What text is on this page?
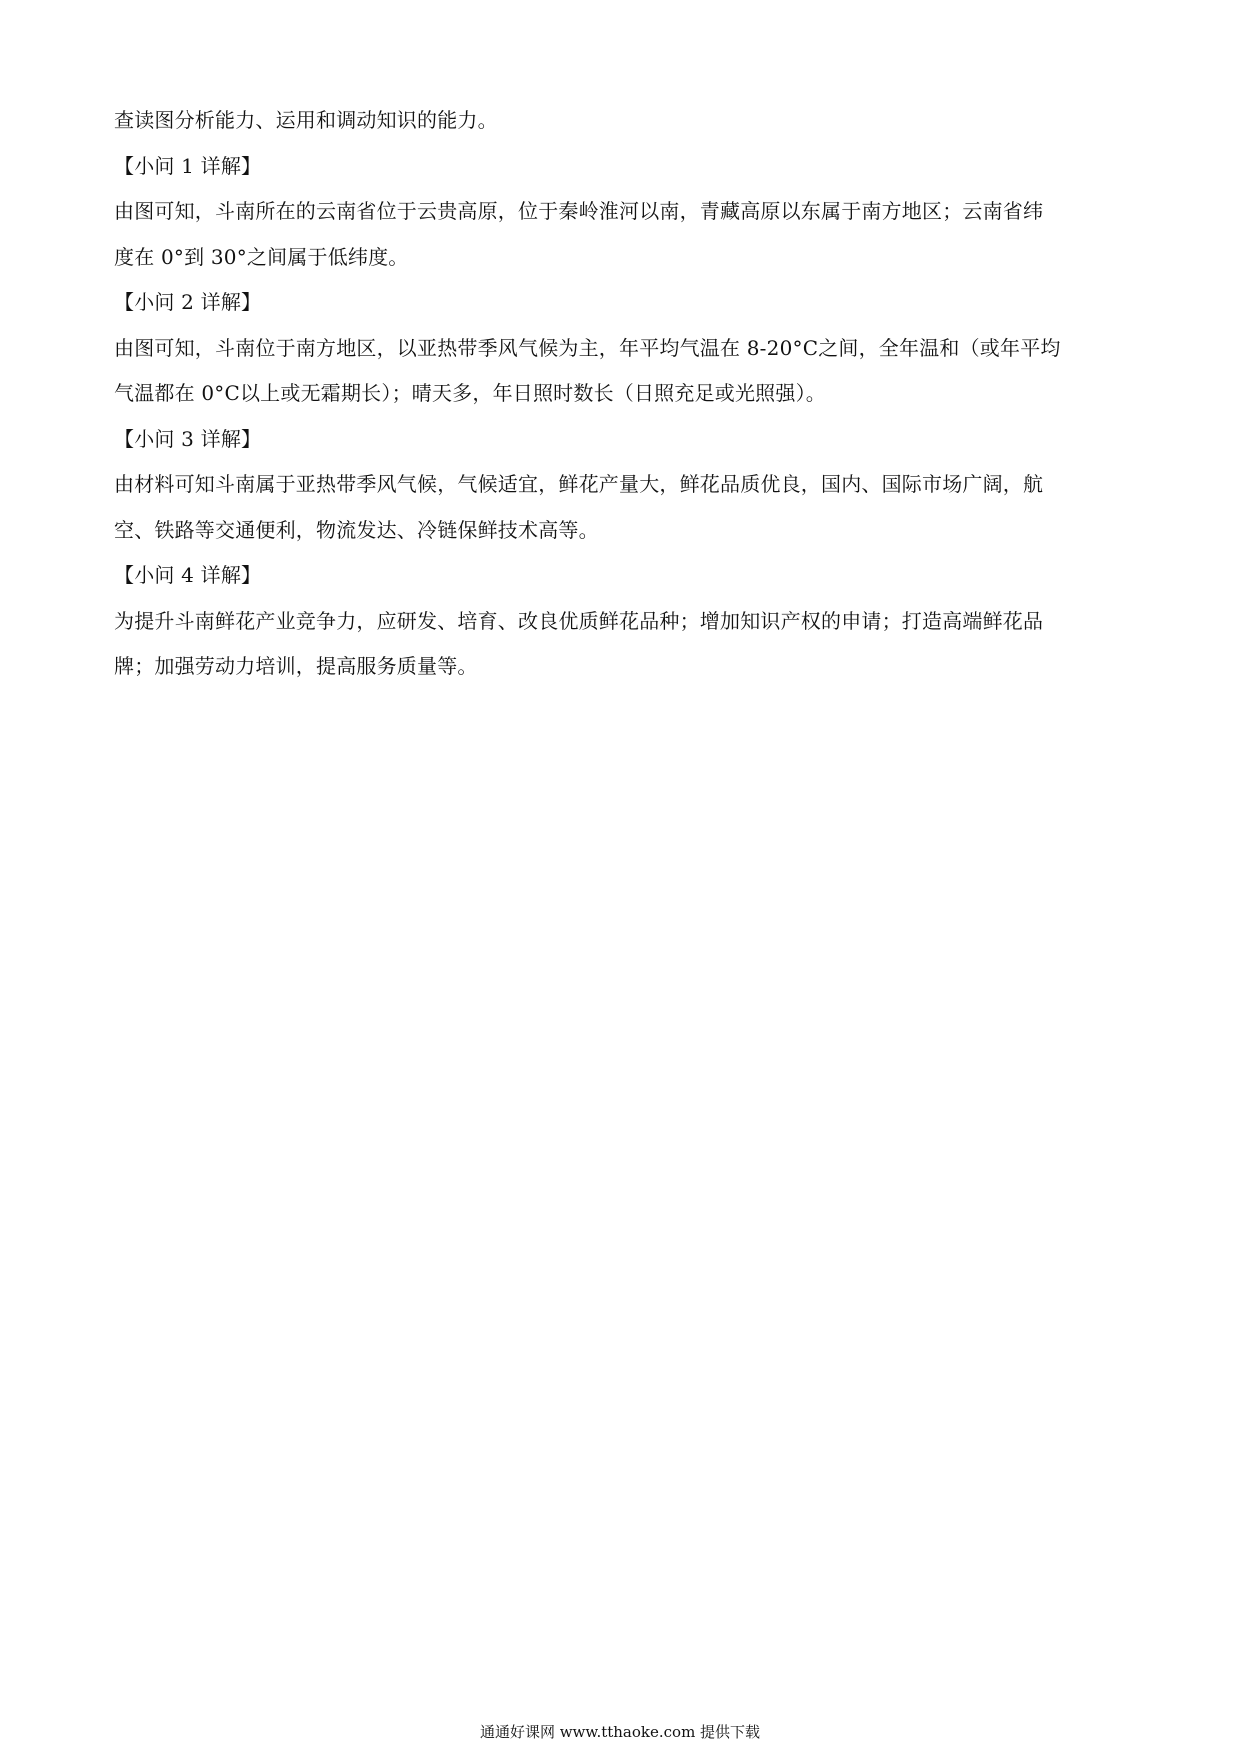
查读图分析能力、运用和调动知识的能力。
【小问 1 详解】
由图可知，斗南所在的云南省位于云贵高原，位于秦岭淮河以南，青藏高原以东属于南方地区；云南省纬
度在 0°到 30°之间属于低纬度。
【小问 2 详解】
由图可知，斗南位于南方地区，以亚热带季风气候为主，年平均气温在 8-20°C之间，全年温和（或年平均
气温都在 0°C以上或无霜期长）；晴天多，年日照时数长（日照充足或光照强）。
【小问 3 详解】
由材料可知斗南属于亚热带季风气候，气候适宜，鲜花产量大，鲜花品质优良，国内、国际市场广阔，航
空、铁路等交通便利，物流发达、冷链保鲜技术高等。
【小问 4 详解】
为提升斗南鲜花产业竞争力，应研发、培育、改良优质鲜花品种；增加知识产权的申请；打造高端鲜花品
牌；加强劳动力培训，提高服务质量等。
通通好课网 www.tthaoke.com 提供下载
